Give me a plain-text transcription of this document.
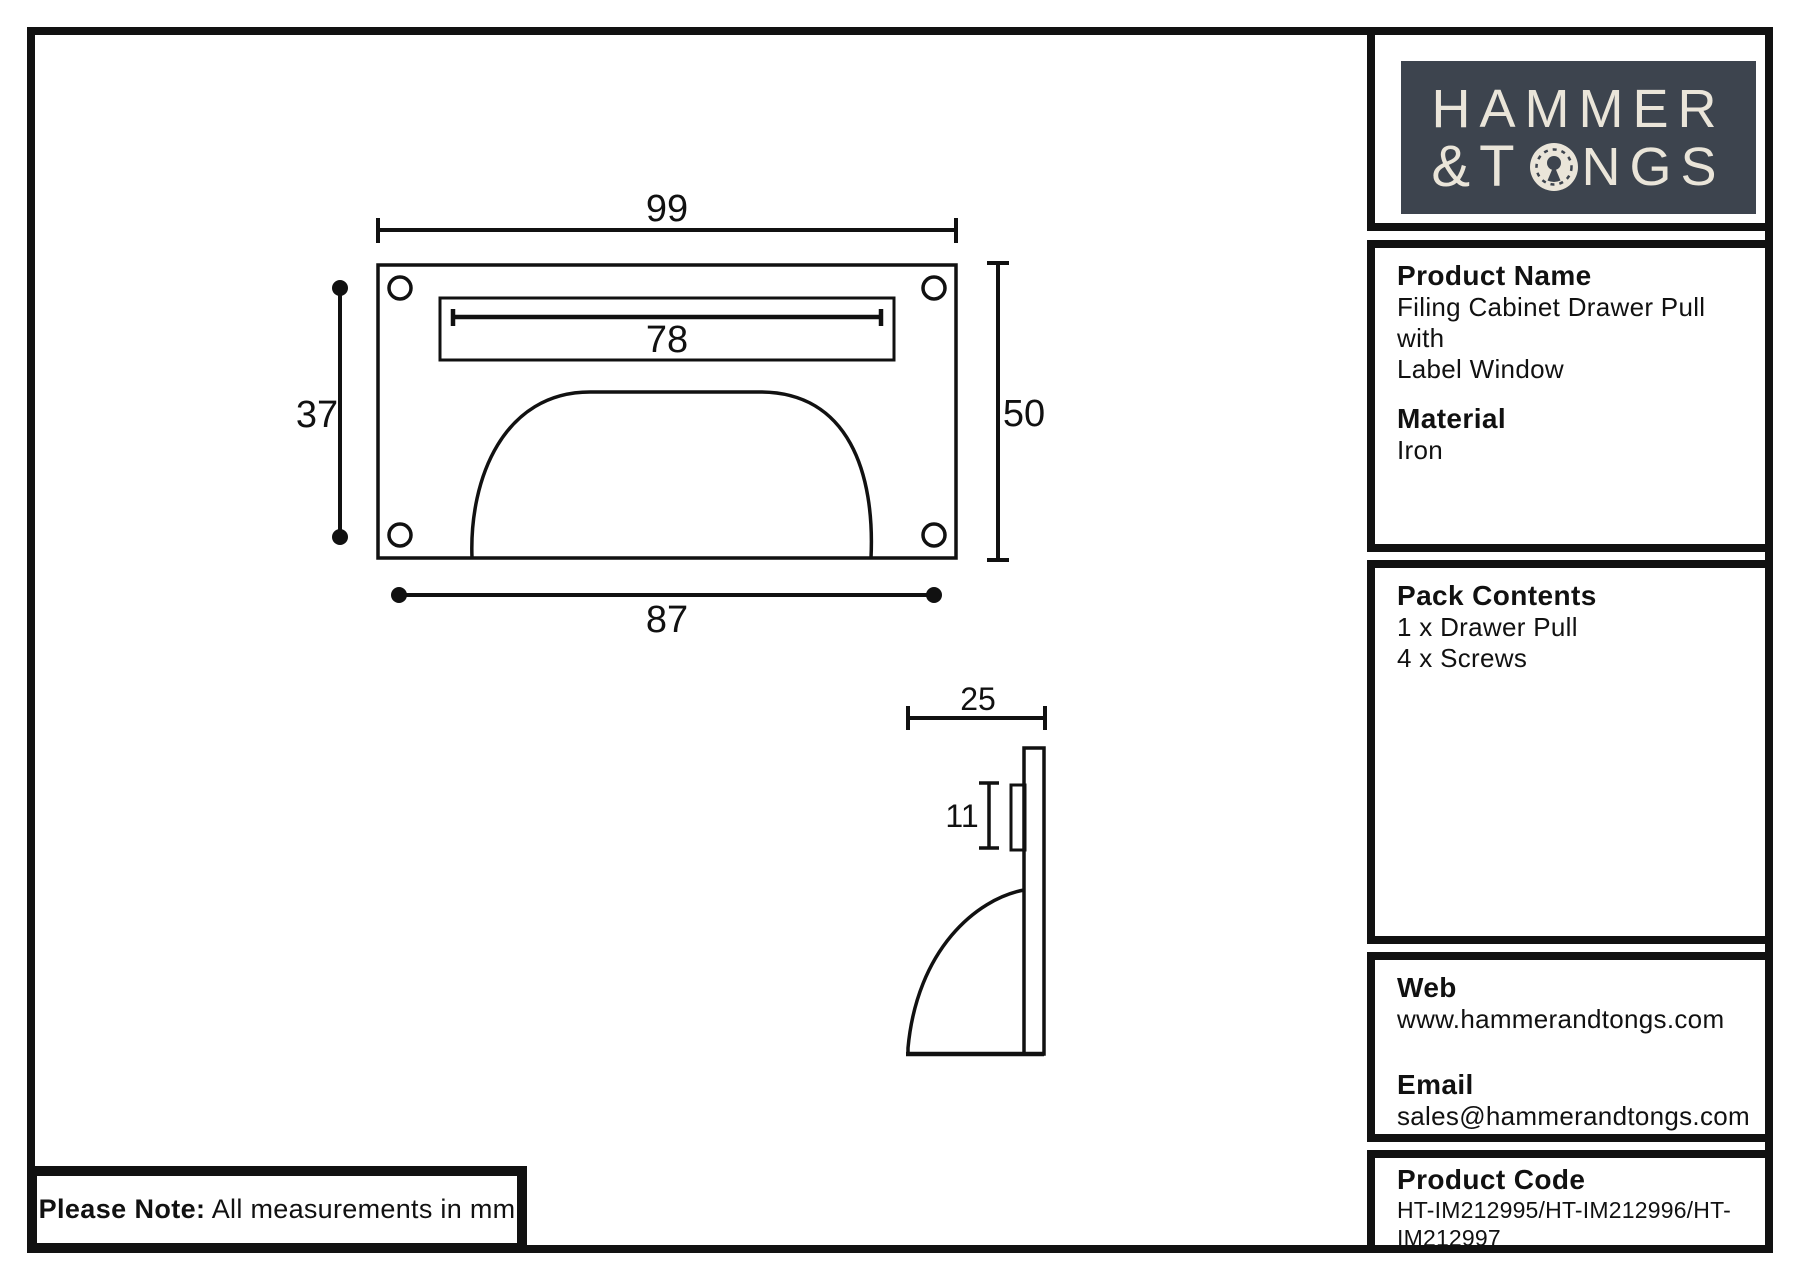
99
78
37	50
87
25
11
HAMMER
&T NGS
Product Name
Filing Cabinet Drawer Pull with
Label Window
Material
Iron
Pack Contents
1 x Drawer Pull
4 x Screws
Web
www.hammerandtongs.com
Email
sales@hammerandtongs.com
Product Code
HT-IM212995/HT-IM212996/HT-IM212997
Please Note: All measurements in mm
